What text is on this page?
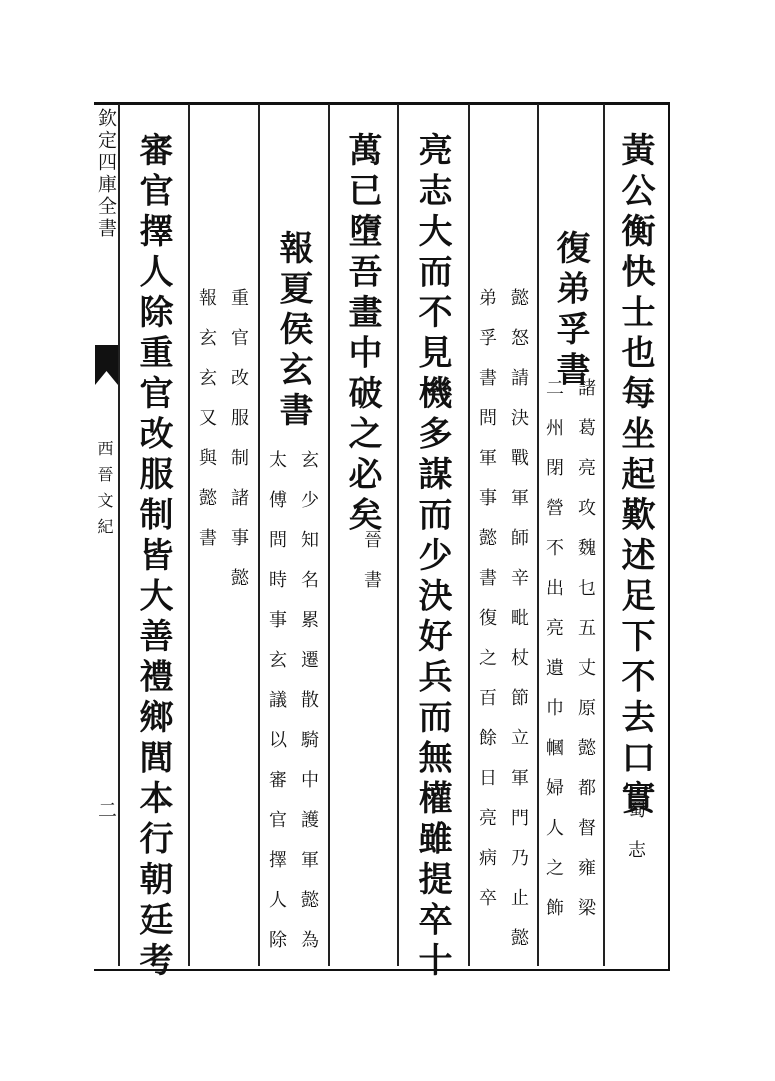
欽定四庫全書
西晉文紀
二	黃公衡快士也每坐起歎述足下不去口實
蜀志
復弟孚書
諸葛亮攻魏乜五丈原懿都督雍梁
二州閉營不出亮遺巾幗婦人之飾
懿怒請決戰軍師辛毗杖節立軍門乃止懿
弟孚書問軍事懿書復之百餘日亮病卒
亮志大而不見機多謀而少決好兵而無權雖提卒十
萬已墮吾畫中破之必矣
晉書
報夏侯玄書
玄少知名累遷散騎中護軍懿為
太傅問時事玄議以審官擇人除
重官改服制諸事懿
報玄玄又與懿書
審官擇人除重官改服制皆大善禮鄉閭本行朝廷考
